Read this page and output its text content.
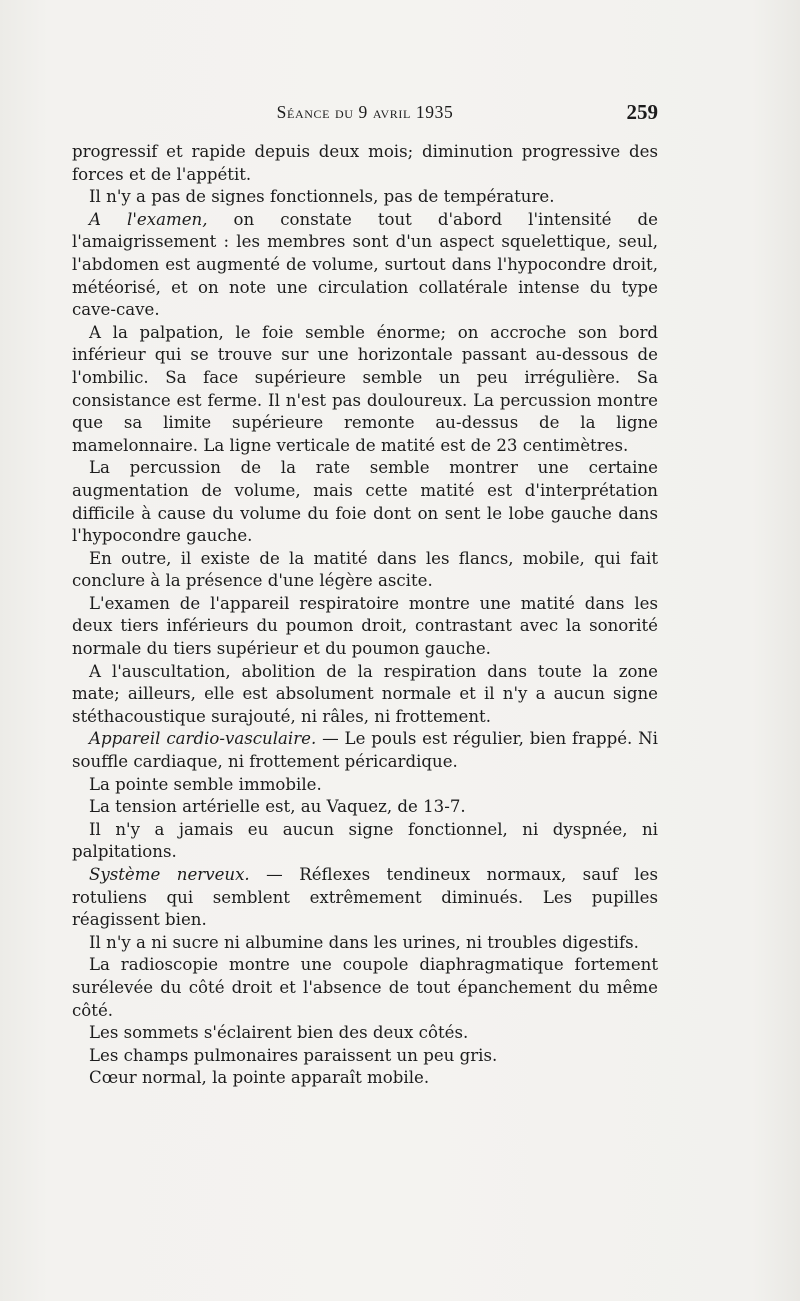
Séance du 9 avril 1935	259

progressif et rapide depuis deux mois; diminution progressive des forces et de l'appétit.

Il n'y a pas de signes fonctionnels, pas de température.

A l'examen, on constate tout d'abord l'intensité de l'amaigrissement : les membres sont d'un aspect squelettique, seul, l'abdomen est augmenté de volume, surtout dans l'hypocondre droit, météorisé, et on note une circulation collatérale intense du type cave-cave.

A la palpation, le foie semble énorme; on accroche son bord inférieur qui se trouve sur une horizontale passant au-dessous de l'ombilic. Sa face supérieure semble un peu irrégulière. Sa consistance est ferme. Il n'est pas douloureux. La percussion montre que sa limite supérieure remonte au-dessus de la ligne mamelonnaire. La ligne verticale de matité est de 23 centimètres.

La percussion de la rate semble montrer une certaine augmentation de volume, mais cette matité est d'interprétation difficile à cause du volume du foie dont on sent le lobe gauche dans l'hypocondre gauche.

En outre, il existe de la matité dans les flancs, mobile, qui fait conclure à la présence d'une légère ascite.

L'examen de l'appareil respiratoire montre une matité dans les deux tiers inférieurs du poumon droit, contrastant avec la sonorité normale du tiers supérieur et du poumon gauche.

A l'auscultation, abolition de la respiration dans toute la zone mate; ailleurs, elle est absolument normale et il n'y a aucun signe stéthacoustique surajouté, ni râles, ni frottement.

Appareil cardio-vasculaire. — Le pouls est régulier, bien frappé. Ni souffle cardiaque, ni frottement péricardique.

La pointe semble immobile.

La tension artérielle est, au Vaquez, de 13-7.

Il n'y a jamais eu aucun signe fonctionnel, ni dyspnée, ni palpitations.

Système nerveux. — Réflexes tendineux normaux, sauf les rotuliens qui semblent extrêmement diminués. Les pupilles réagissent bien.

Il n'y a ni sucre ni albumine dans les urines, ni troubles digestifs.

La radioscopie montre une coupole diaphragmatique fortement surélevée du côté droit et l'absence de tout épanchement du même côté.

Les sommets s'éclairent bien des deux côtés.

Les champs pulmonaires paraissent un peu gris.

Cœur normal, la pointe apparaît mobile.
